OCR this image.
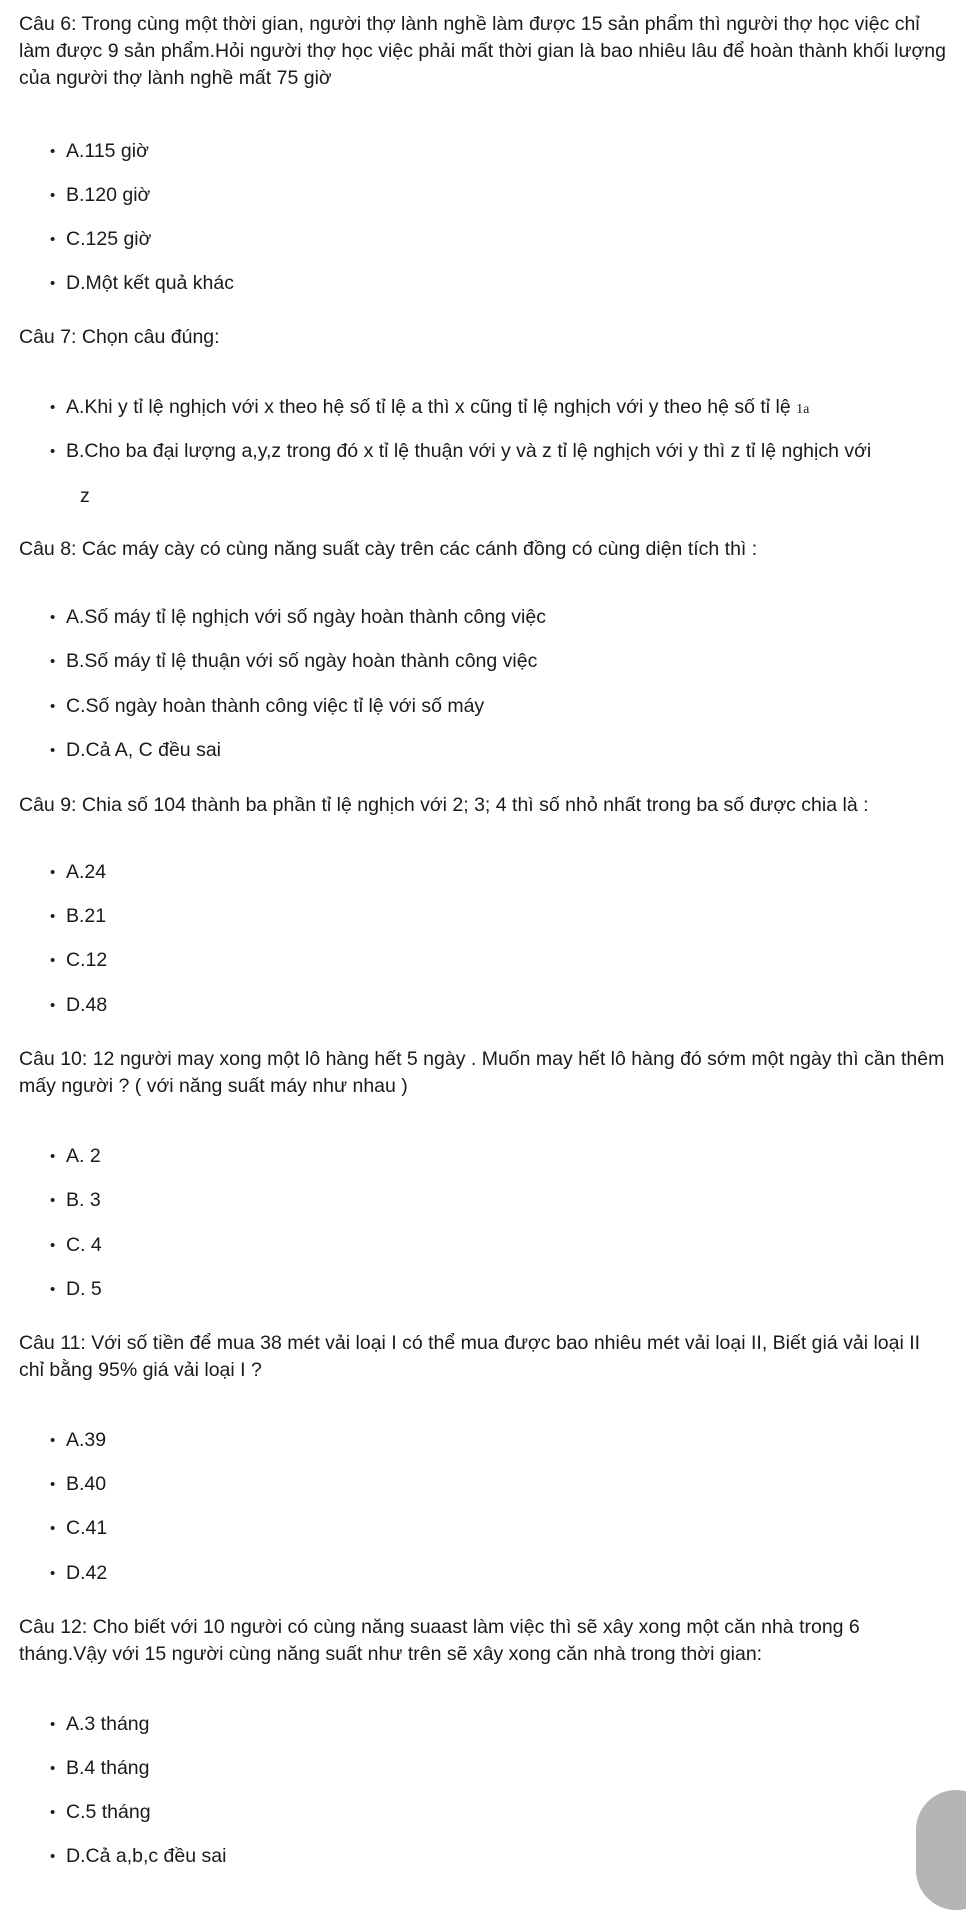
Câu 6: Trong cùng một thời gian, người thợ lành nghề làm được 15 sản phẩm thì người thợ học việc chỉ làm được 9 sản phẩm.Hỏi người thợ học việc phải mất thời gian là bao nhiêu lâu để hoàn thành khối lượng của người thợ lành nghề mất 75 giờ

• A.115 giờ
• B.120 giờ
• C.125 giờ
• D.Một kết quả khác

Câu 7: Chọn câu đúng:

• A.Khi y tỉ lệ nghịch với x theo hệ số tỉ lệ a thì x cũng tỉ lệ nghịch với y theo hệ số tỉ lệ 1a
• B.Cho ba đại lượng a,y,z trong đó x tỉ lệ thuận với y và z tỉ lệ nghịch với y thì z tỉ lệ nghịch với
z

Câu 8: Các máy cày có cùng năng suất cày trên các cánh đồng có cùng diện tích thì :

• A.Số máy tỉ lệ nghịch với số ngày hoàn thành công việc
• B.Số máy tỉ lệ thuận với số ngày hoàn thành công việc
• C.Số ngày hoàn thành công việc tỉ lệ với số máy
• D.Cả A, C đều sai

Câu 9: Chia số 104 thành ba phần tỉ lệ nghịch với 2; 3; 4 thì số nhỏ nhất trong ba số được chia là :

• A.24
• B.21
• C.12
• D.48

Câu 10: 12 người may xong một lô hàng hết 5 ngày . Muốn may hết lô hàng đó sớm một ngày thì cần thêm mấy người ? ( với năng suất máy như nhau )

• A. 2
• B. 3
• C. 4
• D. 5

Câu 11: Với số tiền để mua 38 mét vải loại I có thể mua được bao nhiêu mét vải loại II, Biết giá vải loại II chỉ bằng 95% giá vải loại I ?

• A.39
• B.40
• C.41
• D.42

Câu 12: Cho biết với 10 người có cùng năng suaast làm việc thì sẽ xây xong một căn nhà trong 6 tháng.Vậy với 15 người cùng năng suất như trên sẽ xây xong căn nhà trong thời gian:

• A.3 tháng
• B.4 tháng
• C.5 tháng
• D.Cả a,b,c đều sai
